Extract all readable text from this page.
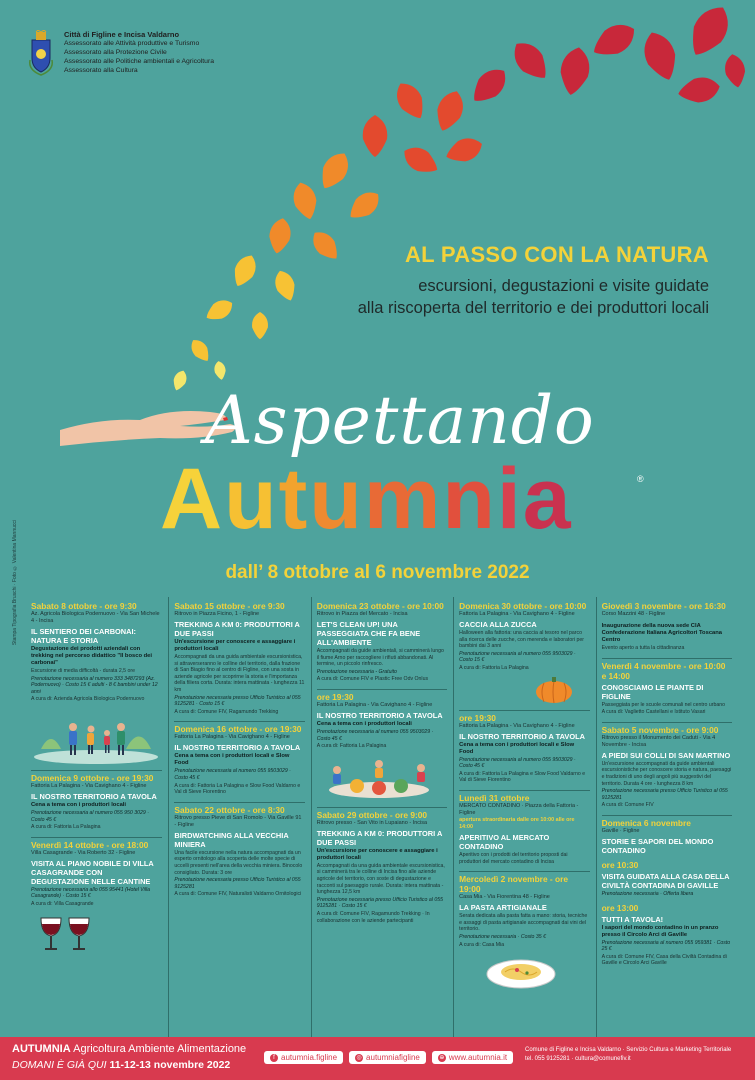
Città di Figline e Incisa Valdarno
Assessorato alle Attività produttive e Turismo
Assessorato alla Protezione Civile
Assessorato alle Politiche ambientali e Agricoltura
Assessorato alla Cultura
AL PASSO CON LA NATURA
escursioni, degustazioni e visite guidate
alla riscoperta del territorio e dei produttori locali
Aspettando
Autumnia	®
dall’ 8 ottobre al 6 novembre 2022
Stampa Tipografia Bruschi · Foto © Valentina Mannucci Sabato 8 ottobre - ore 9:30
Az. Agricola Biologica Podernuovo - Via San Michele 4 - Incisa
IL SENTIERO DEI CARBONAI: NATURA E STORIA
Degustazione dei prodotti aziendali con trekking nel percorso didattico "Il bosco dei carbonai"
Escursione di media difficoltà - durata 2,5 ore
Prenotazione necessaria al numero 333 3487293 (Az. Podernuovo) · Costo 15 € adulti - 8 € bambini under 12 anni
A cura di: Azienda Agricola Biologica Podernuovo
Domenica 9 ottobre - ore 19:30
Fattoria La Palagina - Via Cavighano 4 - Figline
IL NOSTRO TERRITORIO A TAVOLA
Cena a tema con i produttori locali
Prenotazione necessaria al numero 055 950 3029 · Costo 45 €
A cura di: Fattoria La Palagina
Venerdì 14 ottobre - ore 18:00
Villa Casagrande - Via Roberto 32 - Figline
VISITA AL PIANO NOBILE DI VILLA CASAGRANDE CON DEGUSTAZIONE NELLE CANTINE
Prenotazione necessaria allo 055 95441 (Hotel Villa Casagrande) · Costo 15 €
A cura di: Villa Casagrande
Sabato 15 ottobre - ore 9:30
Ritrovo in Piazza Ficino, 1 - Figline
TREKKING A KM 0: PRODUTTORI A DUE PASSI
Un'escursione per conoscere e assaggiare i produttori locali
Accompagnati da una guida ambientale escursionistica, si attraverseranno le colline del territorio, dalla frazione di San Biagio fino al centro di Figline, con una sosta in aziende agricole per scoprirne la storia e l'importanza della filiera corta. Durata: intera mattinata - lunghezza 11 km
Prenotazione necessaria presso Ufficio Turistico al 055 9125281 · Costo 15 €
A cura di: Comune FIV, Ragamundo Trekking
Domenica 16 ottobre - ore 19:30
Fattoria La Palagina - Via Cavighano 4 - Figline
IL NOSTRO TERRITORIO A TAVOLA
Cena a tema con i produttori locali e Slow Food
Prenotazione necessaria al numero 055 9503029 · Costo 45 €
A cura di: Fattoria La Palagina e Slow Food Valdarno e Val di Sieve Fiorentino
Sabato 22 ottobre - ore 8:30
Ritrovo presso Pieve di San Romolo - Via Gaville 91 - Figline
BIRDWATCHING ALLA VECCHIA MINIERA
Una facile escursione nella natura accompagnati da un esperto ornitologo alla scoperta delle molte specie di uccelli presenti nell'area della vecchia miniera. Binocolo consigliato. Durata: 3 ore
Prenotazione necessaria presso Ufficio Turistico al 055 9125281
A cura di: Comune FIV, Naturalisti Valdarno Ornitologici
Domenica 23 ottobre - ore 10:00
Ritrovo in Piazza del Mercato - Incisa
LET'S CLEAN UP! UNA PASSEGGIATA CHE FA BENE ALL'AMBIENTE
Accompagnati da guide ambientali, si camminerà lungo il fiume Arno per raccogliere i rifiuti abbandonati. Al termine, un piccolo rinfresco.
Prenotazione necessaria - Gratuito
A cura di: Comune FIV e Plastic Free Odv Onlus
ore 19:30
Fattoria La Palagina - Via Cavighano 4 - Figline
IL NOSTRO TERRITORIO A TAVOLA
Cena a tema con i produttori locali
Prenotazione necessaria al numero 055 9503029 · Costo 45 €
A cura di: Fattoria La Palagina
Sabato 29 ottobre - ore 9:00
Ritrovo presso - San Vito in Lupaiano - Incisa
TREKKING A KM 0: PRODUTTORI A DUE PASSI
Un'escursione per conoscere e assaggiare i produttori locali
Accompagnati da una guida ambientale escursionistica, si camminerà tra le colline di Incisa fino alle aziende agricole del territorio, con soste di degustazione e racconti sul paesaggio rurale. Durata: intera mattinata - lunghezza 12,5 km
Prenotazione necessaria presso Ufficio Turistico al 055 9125281 · Costo 15 €
A cura di: Comune FIV, Ragamundo Trekking · In collaborazione con le aziende partecipanti
Domenica 30 ottobre - ore 10:00
Fattoria La Palagina - Via Cavighano 4 - Figline
CACCIA ALLA ZUCCA
Halloween alla fattoria: una caccia al tesoro nel parco alla ricerca delle zucche, con merenda e laboratori per bambini dai 3 anni
Prenotazione necessaria al numero 055 9503029 · Costo 15 €
A cura di: Fattoria La Palagina
ore 19:30
Fattoria La Palagina - Via Cavighano 4 - Figline
IL NOSTRO TERRITORIO A TAVOLA
Cena a tema con i produttori locali e Slow Food
Prenotazione necessaria al numero 055 9503029 · Costo 45 €
A cura di: Fattoria La Palagina e Slow Food Valdarno e Val di Sieve Fiorentino
Lunedì 31 ottobre
MERCATO CONTADINO · Piazza della Fattoria - Figline
apertura straordinaria dalle ore 10:00 alle ore 14:00
APERITIVO AL MERCATO CONTADINO
Aperitivo con i prodotti del territorio proposti dai produttori del mercato contadino di Incisa
Mercoledì 2 novembre - ore 19:00
Casa Mia - Via Fiorentina 48 - Figline
LA PASTA ARTIGIANALE
Serata dedicata alla pasta fatta a mano: storia, tecniche e assaggi di pasta artigianale accompagnati dai vini del territorio.
Prenotazione necessaria · Costo 35 €
A cura di: Casa Mia
Giovedì 3 novembre - ore 16:30
Corso Mazzini 48 - Figline
Inaugurazione della nuova sede CIA Confederazione Italiana Agricoltori Toscana Centro
Evento aperto a tutta la cittadinanza
Venerdì 4 novembre - ore 10:00 e 14:00
CONOSCIAMO LE PIANTE DI FIGLINE
Passeggiata per le scuole comunali nel centro urbano
A cura di: Vaglietto Castellani e Istituto Vasari
Sabato 5 novembre - ore 9:00
Ritrovo presso il Monumento dei Caduti - Via 4 Novembre - Incisa
A PIEDI SUI COLLI DI SAN MARTINO
Un'escursione accompagnati da guide ambientali escursionistiche per conoscere storia e natura, paesaggi e tradizioni di uno degli angoli più suggestivi del territorio. Durata 4 ore - lunghezza 8 km
Prenotazione necessaria presso Ufficio Turistico al 055 9125281
A cura di: Comune FIV
Domenica 6 novembre
Gaville · Figline
STORIE E SAPORI DEL MONDO CONTADINO
ore 10:30
VISITA GUIDATA ALLA CASA DELLA CIVILTÀ CONTADINA DI GAVILLE
Prenotazione necessaria · Offerta libera
ore 13:00
TUTTI A TAVOLA!
I sapori del mondo contadino in un pranzo presso il Circolo Arci di Gaville
Prenotazione necessaria al numero 055 959381 · Costo 25 €
A cura di: Comune FIV, Casa della Civiltà Contadina di Gaville e Circolo Arci Gaville
AUTUMNIA Agricoltura Ambiente Alimentazione
DOMANI È GIÀ QUI 11-12-13 novembre 2022
f autumnia.figline	◎ autumniafigline	⊕ www.autumnia.it
Comune di Figline e Incisa Valdarno · Servizio Cultura e Marketing Territoriale
tel. 055 9125281 · cultura@comunefiv.it
